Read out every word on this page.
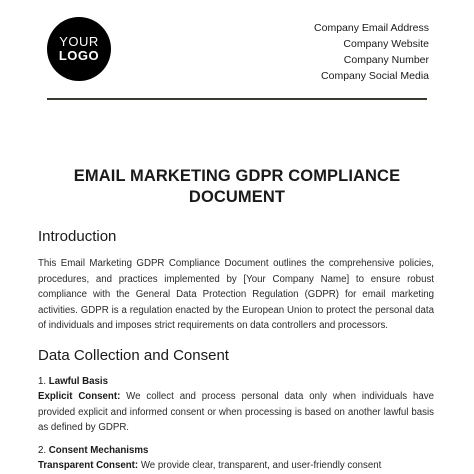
YOUR
LOGO
Company Email Address
Company Website
Company Number
Company Social Media
EMAIL MARKETING GDPR COMPLIANCE
DOCUMENT
Introduction
This Email Marketing GDPR Compliance Document outlines the comprehensive policies, procedures, and practices implemented by [Your Company Name] to ensure robust compliance with the General Data Protection Regulation (GDPR) for email marketing activities. GDPR is a regulation enacted by the European Union to protect the personal data of individuals and imposes strict requirements on data controllers and processors.
Data Collection and Consent
1. Lawful Basis
Explicit Consent: We collect and process personal data only when individuals have provided explicit and informed consent or when processing is based on another lawful basis as defined by GDPR.
2. Consent Mechanisms
Transparent Consent: We provide clear, transparent, and user-friendly consent
